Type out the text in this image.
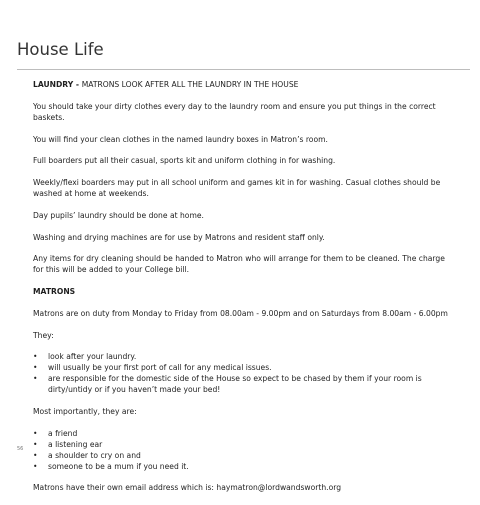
House Life

LAUNDRY - MATRONS LOOK AFTER ALL THE LAUNDRY IN THE HOUSE

You should take your dirty clothes every day to the laundry room and ensure you put things in the correct baskets.

You will find your clean clothes in the named laundry boxes in Matron’s room.

Full boarders put all their casual, sports kit and uniform clothing in for washing.

Weekly/flexi boarders may put in all school uniform and games kit in for washing. Casual clothes should be washed at home at weekends.

Day pupils’ laundry should be done at home.

Washing and drying machines are for use by Matrons and resident staff only.

Any items for dry cleaning should be handed to Matron who will arrange for them to be cleaned. The charge for this will be added to your College bill.

MATRONS

Matrons are on duty from Monday to Friday from 08.00am - 9.00pm and on Saturdays from 8.00am - 6.00pm

They:

• look after your laundry.
• will usually be your first port of call for any medical issues.
• are responsible for the domestic side of the House so expect to be chased by them if your room is dirty/untidy or if you haven’t made your bed!

Most importantly, they are:

• a friend
• a listening ear
• a shoulder to cry on and
• someone to be a mum if you need it.

Matrons have their own email address which is: haymatron@lordwandsworth.org

56
